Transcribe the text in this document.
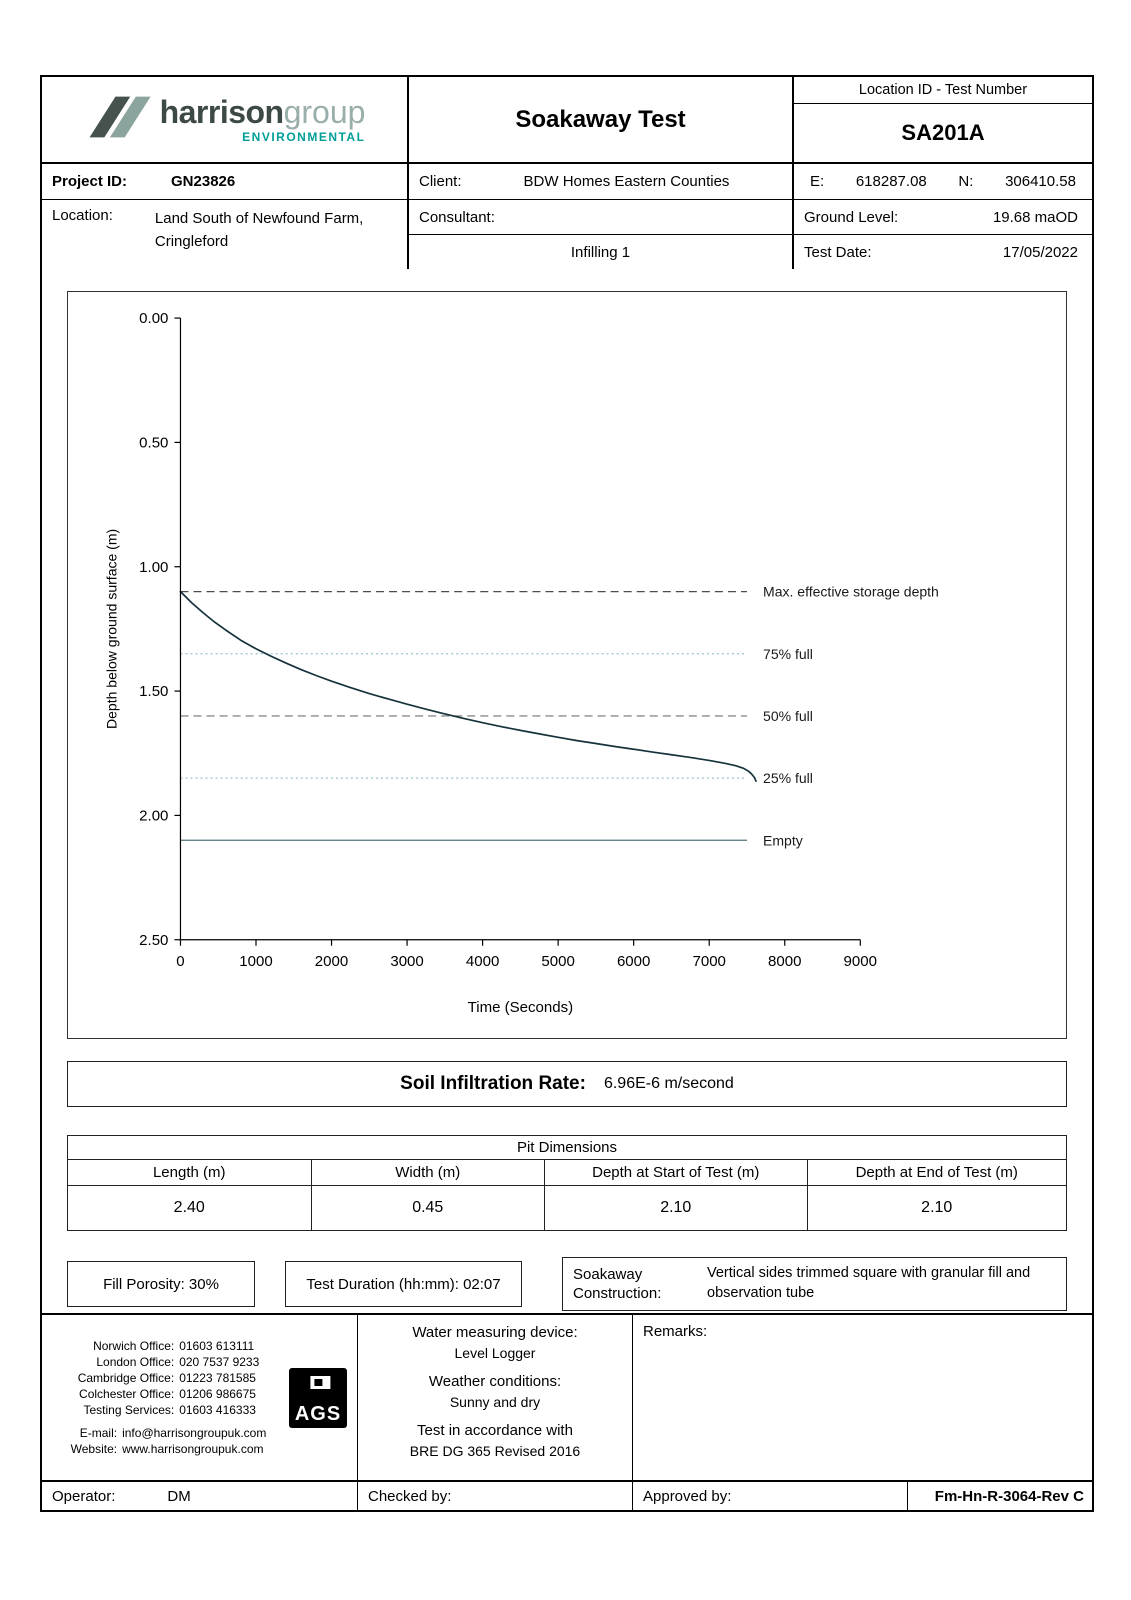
harrisongroup
ENVIRONMENTAL
Soakaway Test
Location ID - Test Number
SA201A
Project ID:	GN23826	Client:	BDW Homes Eastern Counties	E: 618287.08 N: 306410.58
Location:	Land South of Newfound Farm,
Cringleford
Consultant:	Ground Level:	19.68 maOD
Infilling 1	Test Date:	17/05/2022
Max. effective storage depth
75% full
50% full
25% full
Empty
0.00
0.50
1.00
1.50
2.00
2.50
0	1000	2000	3000	4000	5000	6000	7000	8000	9000
Time (Seconds)
Depth below ground surface (m)
Soil Infiltration Rate: 6.96E-6 m/second
Pit Dimensions
Length (m)	Width (m)	Depth at Start of Test (m)	Depth at End of Test (m)
2.40	0.45	2.10	2.10
Fill Porosity: 30%	Test Duration (hh:mm): 02:07
Soakaway Construction:
Vertical sides trimmed square with granular fill and observation tube
Norwich Office: 01603 613111
London Office: 020 7537 9233
Cambridge Office: 01223 781585
Colchester Office: 01206 986675
Testing Services: 01603 416333
E-mail: info@harrisongroupuk.com
Website: www.harrisongroupuk.com
AGS
Water measuring device:
Level Logger
Weather conditions:
Sunny and dry
Test in accordance with
BRE DG 365 Revised 2016
Remarks:
Operator:	DM	Checked by:	Approved by:	Fm-Hn-R-3064-Rev C
